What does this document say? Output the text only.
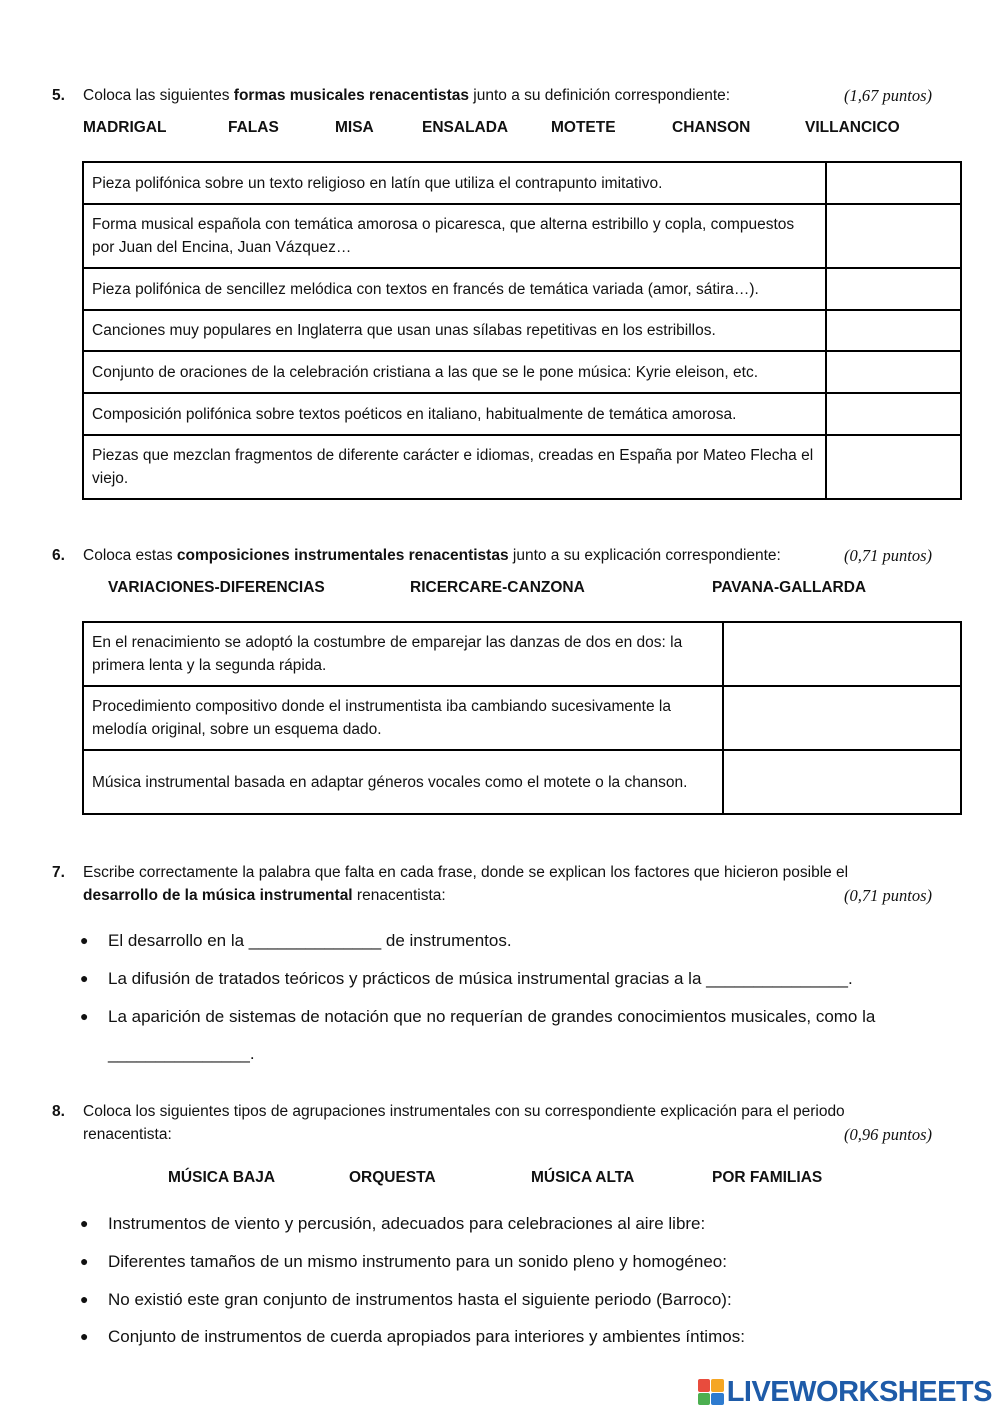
5. Coloca las siguientes formas musicales renacentistas junto a su definición correspondiente:	(1,67 puntos)
MADRIGAL	FALAS	MISA	ENSALADA	MOTETE	CHANSON	VILLANCICO
Pieza polifónica sobre un texto religioso en latín que utiliza el contrapunto imitativo.	
Forma musical española con temática amorosa o picaresca, que alterna estribillo y copla, compuestos por Juan del Encina, Juan Vázquez…	
Pieza polifónica de sencillez melódica con textos en francés de temática variada (amor, sátira…).	
Canciones muy populares en Inglaterra que usan unas sílabas repetitivas en los estribillos.	
Conjunto de oraciones de la celebración cristiana a las que se le pone música: Kyrie eleison, etc.	
Composición polifónica sobre textos poéticos en italiano, habitualmente de temática amorosa.	
Piezas que mezclan fragmentos de diferente carácter e idiomas, creadas en España por Mateo Flecha el viejo.	
6. Coloca estas composiciones instrumentales renacentistas junto a su explicación correspondiente:	(0,71 puntos)
VARIACIONES-DIFERENCIAS	RICERCARE-CANZONA	PAVANA-GALLARDA
En el renacimiento se adoptó la costumbre de emparejar las danzas de dos en dos: la primera lenta y la segunda rápida.	
Procedimiento compositivo donde el instrumentista iba cambiando sucesivamente la melodía original, sobre un esquema dado.	
Música instrumental basada en adaptar géneros vocales como el motete o la chanson.	
7. Escribe correctamente la palabra que falta en cada frase, donde se explican los factores que hicieron posible el
desarrollo de la música instrumental renacentista:	(0,71 puntos)
● El desarrollo en la ______________ de instrumentos.
● La difusión de tratados teóricos y prácticos de música instrumental gracias a la _______________.
● La aparición de sistemas de notación que no requerían de grandes conocimientos musicales, como la
_______________.
8. Coloca los siguientes tipos de agrupaciones instrumentales con su correspondiente explicación para el periodo
renacentista:	(0,96 puntos)
MÚSICA BAJA	ORQUESTA	MÚSICA ALTA	POR FAMILIAS
● Instrumentos de viento y percusión, adecuados para celebraciones al aire libre:
● Diferentes tamaños de un mismo instrumento para un sonido pleno y homogéneo:
● No existió este gran conjunto de instrumentos hasta el siguiente periodo (Barroco):
● Conjunto de instrumentos de cuerda apropiados para interiores y ambientes íntimos:
LIVEWORKSHEETS
